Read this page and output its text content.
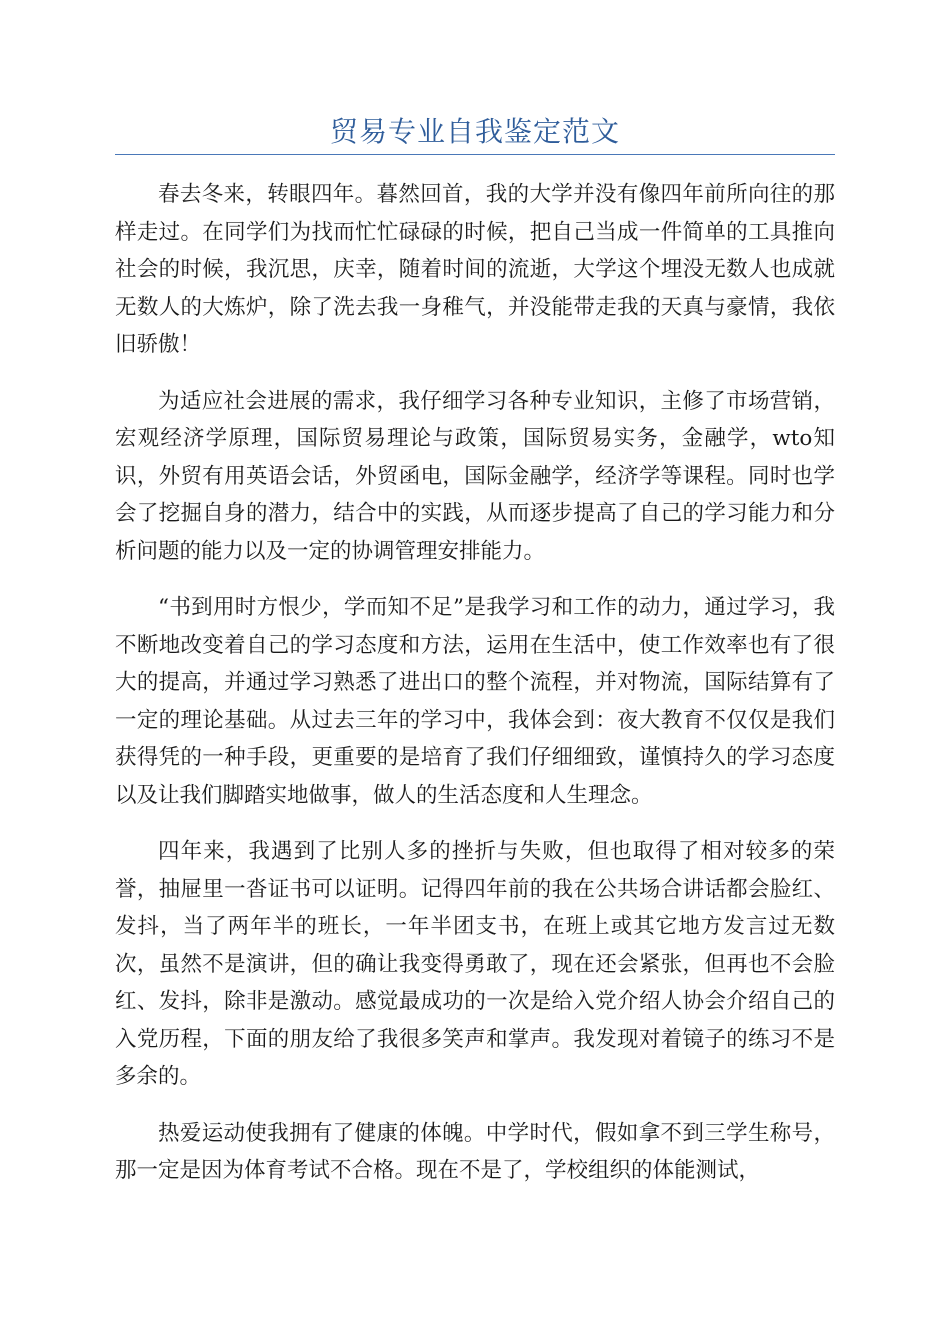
贸易专业自我鉴定范文

春去冬来，转眼四年。暮然回首，我的大学并没有像四年前所向往的那样走过。在同学们为找而忙忙碌碌的时候，把自己当成一件简单的工具推向社会的时候，我沉思，庆幸，随着时间的流逝，大学这个埋没无数人也成就无数人的大炼炉，除了洗去我一身稚气，并没能带走我的天真与豪情，我依旧骄傲！

为适应社会进展的需求，我仔细学习各种专业知识，主修了市场营销，宏观经济学原理，国际贸易理论与政策，国际贸易实务，金融学，wto知识，外贸有用英语会话，外贸函电，国际金融学，经济学等课程。同时也学会了挖掘自身的潜力，结合中的实践，从而逐步提高了自己的学习能力和分析问题的能力以及一定的协调管理安排能力。

“书到用时方恨少，学而知不足”是我学习和工作的动力，通过学习，我不断地改变着自己的学习态度和方法，运用在生活中，使工作效率也有了很大的提高，并通过学习熟悉了进出口的整个流程，并对物流，国际结算有了一定的理论基础。从过去三年的学习中，我体会到：夜大教育不仅仅是我们获得凭的一种手段，更重要的是培育了我们仔细细致，谨慎持久的学习态度以及让我们脚踏实地做事，做人的生活态度和人生理念。

四年来，我遇到了比别人多的挫折与失败，但也取得了相对较多的荣誉，抽屉里一沓证书可以证明。记得四年前的我在公共场合讲话都会脸红、发抖，当了两年半的班长，一年半团支书，在班上或其它地方发言过无数次，虽然不是演讲，但的确让我变得勇敢了，现在还会紧张，但再也不会脸红、发抖，除非是激动。感觉最成功的一次是给入党介绍人协会介绍自己的入党历程，下面的朋友给了我很多笑声和掌声。我发现对着镜子的练习不是多余的。

热爱运动使我拥有了健康的体魄。中学时代，假如拿不到三学生称号，那一定是因为体育考试不合格。现在不是了，学校组织的体能测试，
